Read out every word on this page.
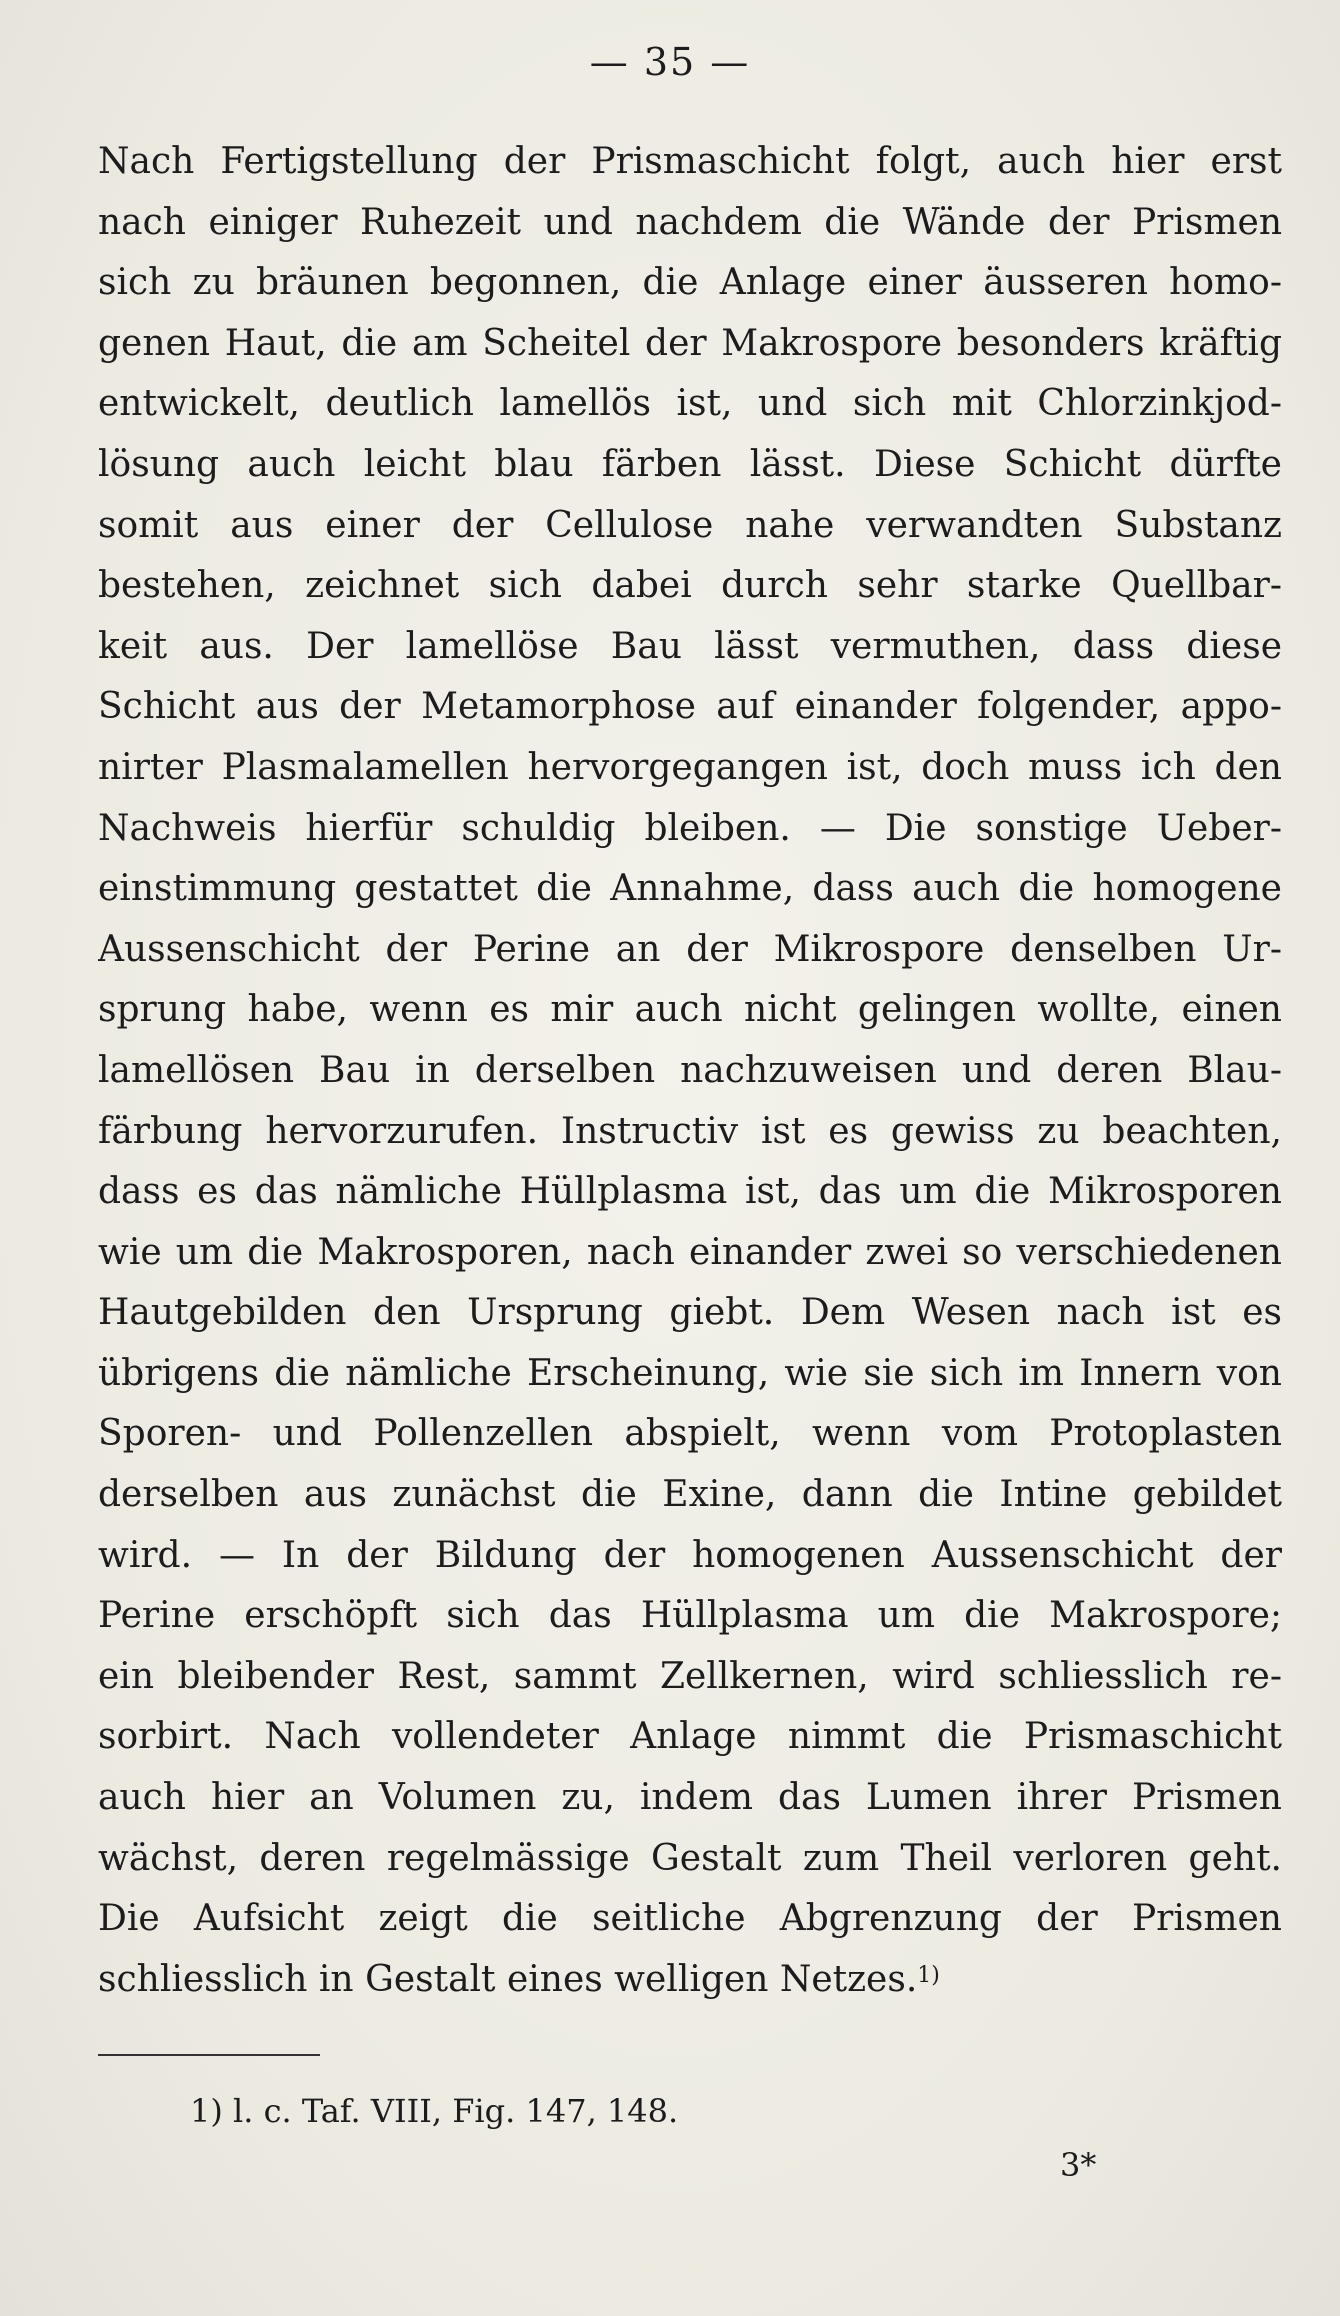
— 35 —
Nach Fertigstellung der Prismaschicht folgt, auch hier erst
nach einiger Ruhezeit und nachdem die Wände der Prismen
sich zu bräunen begonnen, die Anlage einer äusseren homo-
genen Haut, die am Scheitel der Makrospore besonders kräftig
entwickelt, deutlich lamellös ist, und sich mit Chlorzinkjod-
lösung auch leicht blau färben lässt. Diese Schicht dürfte
somit aus einer der Cellulose nahe verwandten Substanz
bestehen, zeichnet sich dabei durch sehr starke Quellbar-
keit aus. Der lamellöse Bau lässt vermuthen, dass diese
Schicht aus der Metamorphose auf einander folgender, appo-
nirter Plasmalamellen hervorgegangen ist, doch muss ich den
Nachweis hierfür schuldig bleiben. — Die sonstige Ueber-
einstimmung gestattet die Annahme, dass auch die homogene
Aussenschicht der Perine an der Mikrospore denselben Ur-
sprung habe, wenn es mir auch nicht gelingen wollte, einen
lamellösen Bau in derselben nachzuweisen und deren Blau-
färbung hervorzurufen. Instructiv ist es gewiss zu beachten,
dass es das nämliche Hüllplasma ist, das um die Mikrosporen
wie um die Makrosporen, nach einander zwei so verschiedenen
Hautgebilden den Ursprung giebt. Dem Wesen nach ist es
übrigens die nämliche Erscheinung, wie sie sich im Innern von
Sporen- und Pollenzellen abspielt, wenn vom Protoplasten
derselben aus zunächst die Exine, dann die Intine gebildet
wird. — In der Bildung der homogenen Aussenschicht der
Perine erschöpft sich das Hüllplasma um die Makrospore;
ein bleibender Rest, sammt Zellkernen, wird schliesslich re-
sorbirt. Nach vollendeter Anlage nimmt die Prismaschicht
auch hier an Volumen zu, indem das Lumen ihrer Prismen
wächst, deren regelmässige Gestalt zum Theil verloren geht.
Die Aufsicht zeigt die seitliche Abgrenzung der Prismen
schliesslich in Gestalt eines welligen Netzes.$^{1)}$
1) l. c. Taf. VIII, Fig. 147, 148.
3*
